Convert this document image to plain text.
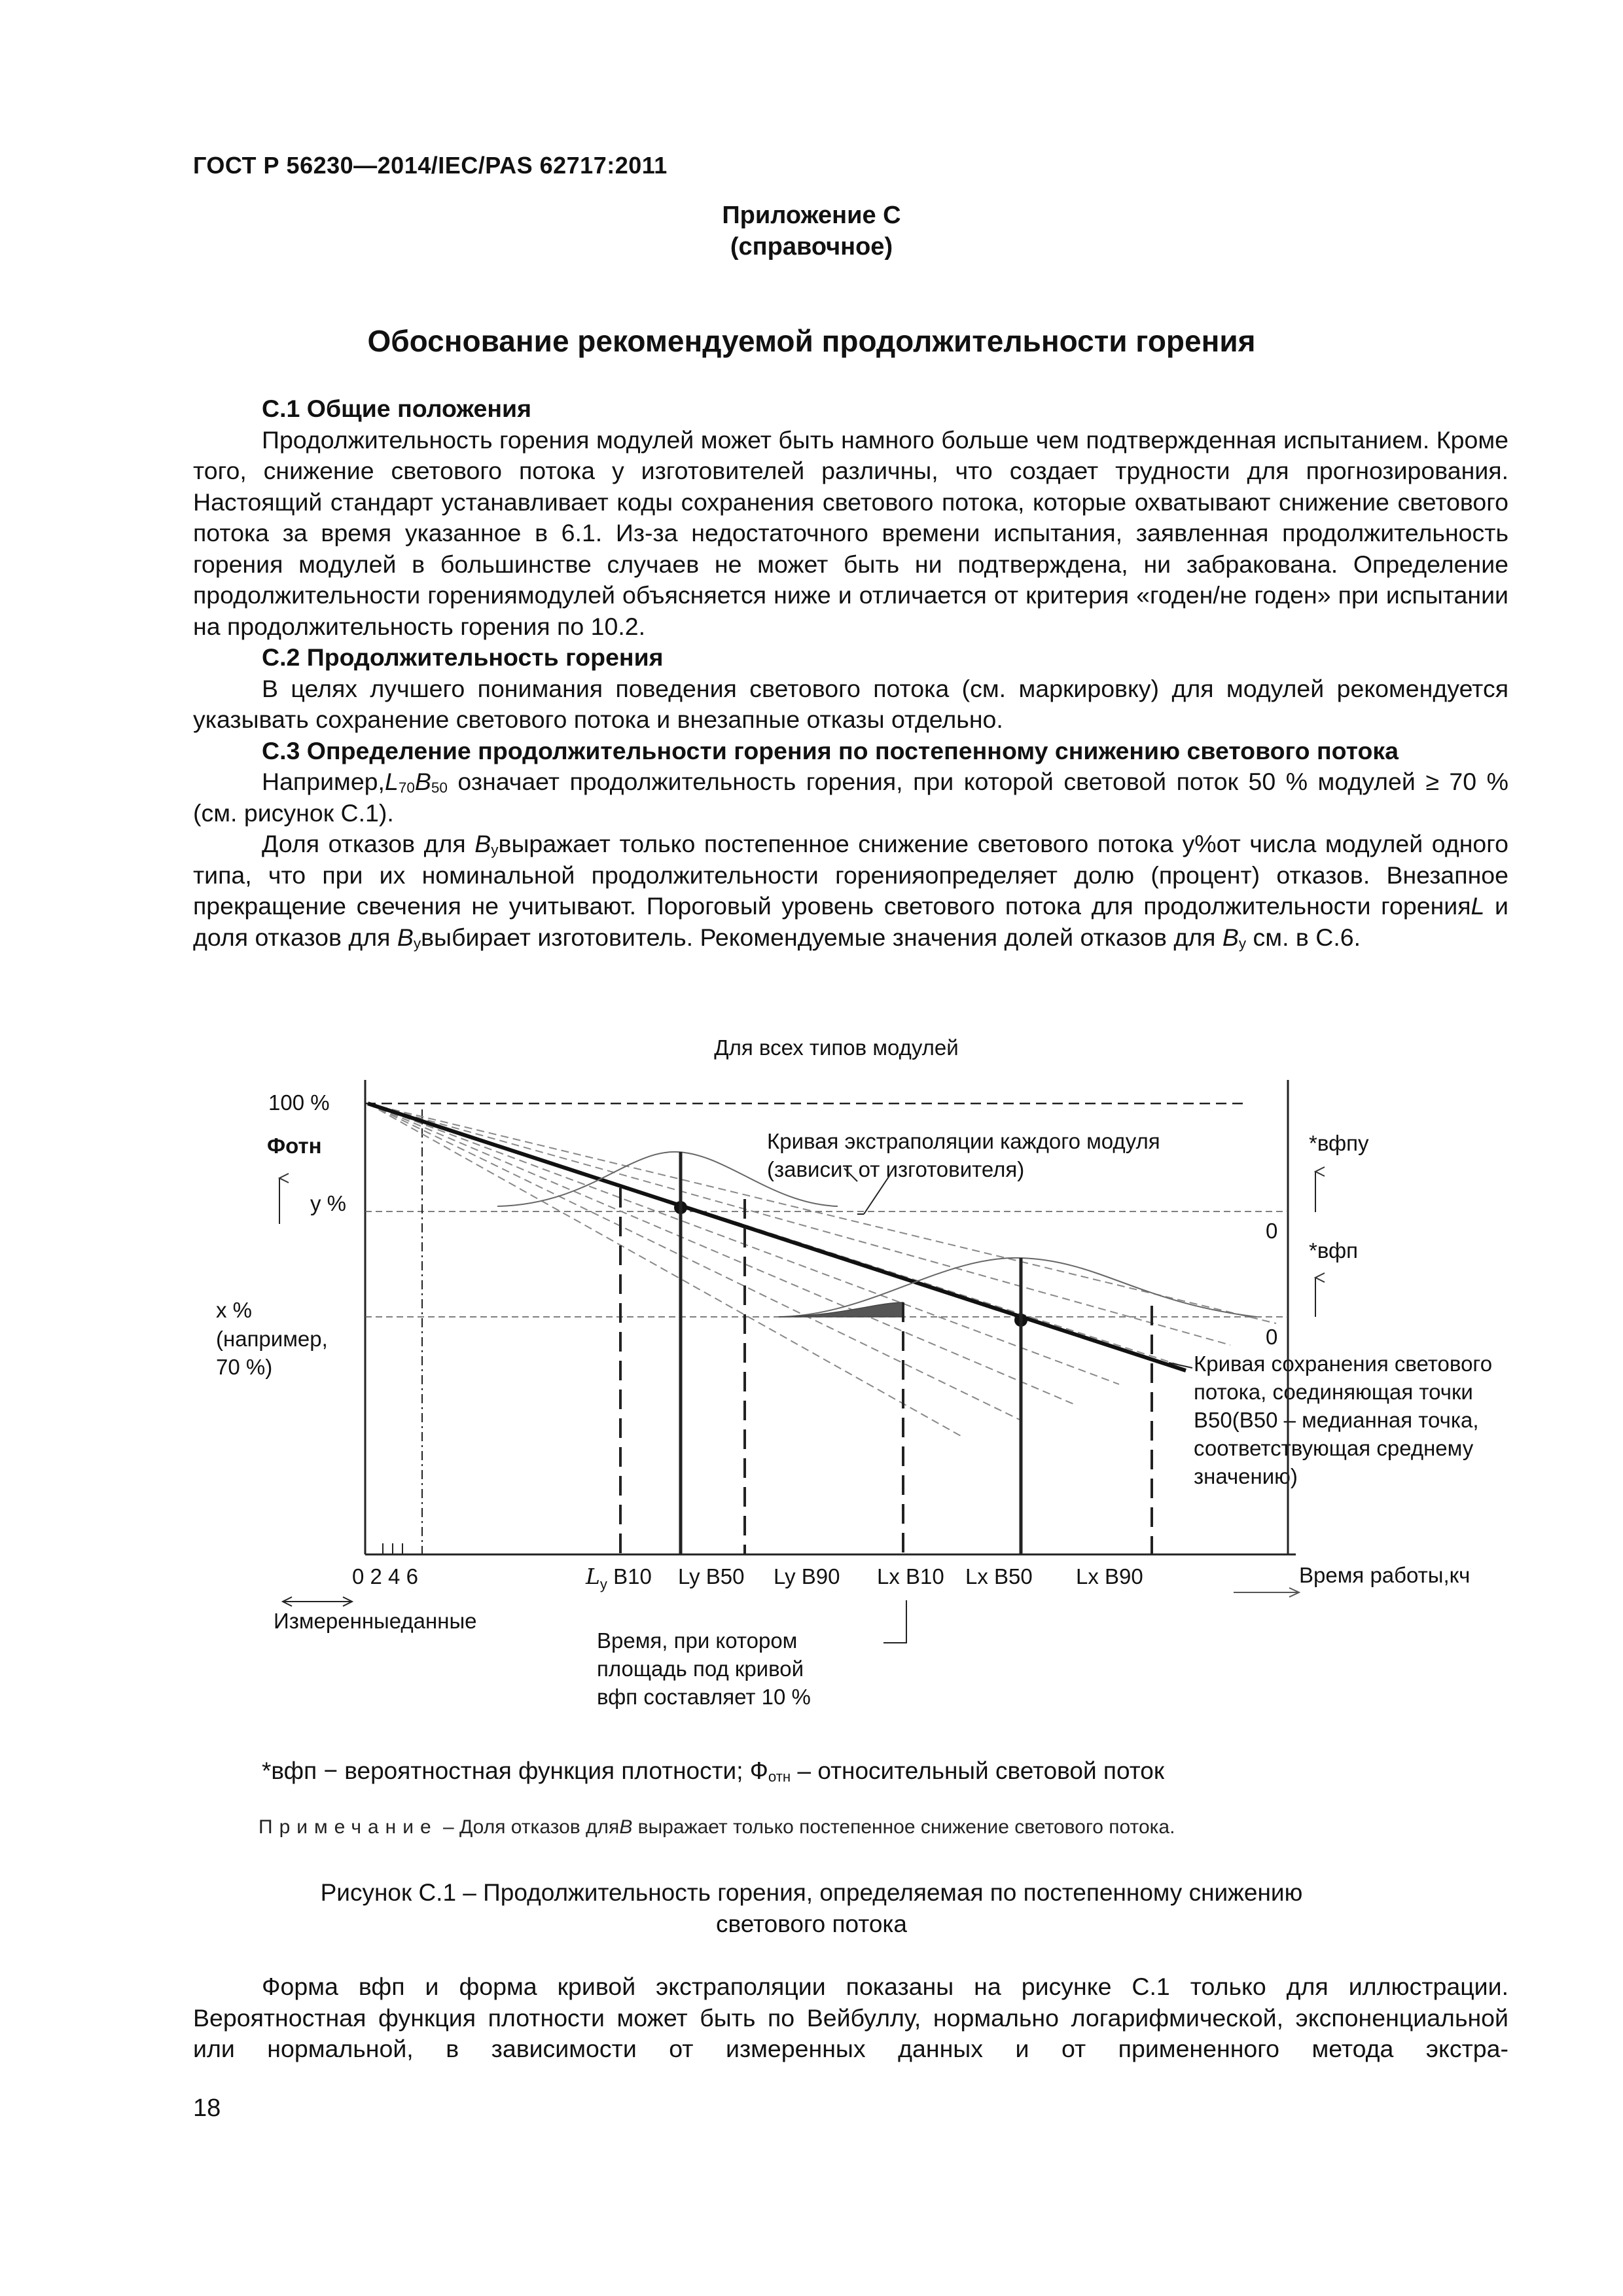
ГОСТ Р 56230—2014/IEC/PAS 62717:2011
Приложение С
(справочное)
Обоснование рекомендуемой продолжительности горения

С.1 Общие положения

Продолжительность горения модулей может быть намного больше чем подтвержденная испытанием. Кроме того, снижение светового потока у изготовителей различны, что создает трудности для прогнозирования. Настоящий стандарт устанавливает коды сохранения светового потока, которые охватывают снижение светового потока за время указанное в 6.1. Из-за недостаточного времени испытания, заявленная продолжительность горения модулей в большинстве случаев не может быть ни подтверждена, ни забракована. Определение продолжительности горениямодулей объясняется ниже и отличается от критерия «годен/не годен» при испытании на продолжительность горения по 10.2.

С.2 Продолжительность горения

В целях лучшего понимания поведения светового потока (см. маркировку) для модулей рекомендуется указывать сохранение светового потока и внезапные отказы отдельно.

С.3 Определение продолжительности горения по постепенному снижению светового потока

$Например,L_{70}B_{50}$ означает продолжительность горения, при которой световой поток 50 % модулей ≥ 70 % (см. рисунок С.1).

Доля отказов для $B_yвыражает$ только постепенное снижение светового потока y%от числа модулей одного типа, что при их номинальной продолжительности горенияопределяет долю (процент) отказов. Внезапное прекращение свечения не учитывают. Пороговый уровень светового потока для продолжительности горенияL и доля отказов для $B_yвыбирает$ изготовитель. Рекомендуемые значения долей отказов для $B_y$ см. в С.6.

Для всех типов модулей
100 %
Фотн
y %
x %
(например,
70 %)
Кривая экстраполяции каждого модуля
(зависит от изготовителя)
*вфпу
*вфп
0
0
Кривая сохранения светового
потока, соединяющая точки
B50(B50 – медианная точка,
соответствующая среднему
значению)
0 2 4 6	$L_y$ B10 Ly B50 Ly B90 Lx B10 Lx B50 Lx B90	Время работы,кч
Измеренныеданные
Время, при котором
площадь под кривой
вфп составляет 10 %
*вфп − вероятностная функция плотности; $Ф_{отн}$ – относительный световой поток
Примечание – Доля отказов дляB выражает только постепенное снижение светового потока.
Рисунок С.1 – Продолжительность горения, определяемая по постепенному снижению
светового потока

Форма вфп и форма кривой экстраполяции показаны на рисунке С.1 только для иллюстрации. Вероятностная функция плотности может быть по Вейбуллу, нормально логарифмической, экспоненциальной или нормальной, в зависимости от измеренных данных и от примененного метода экстра-

18
